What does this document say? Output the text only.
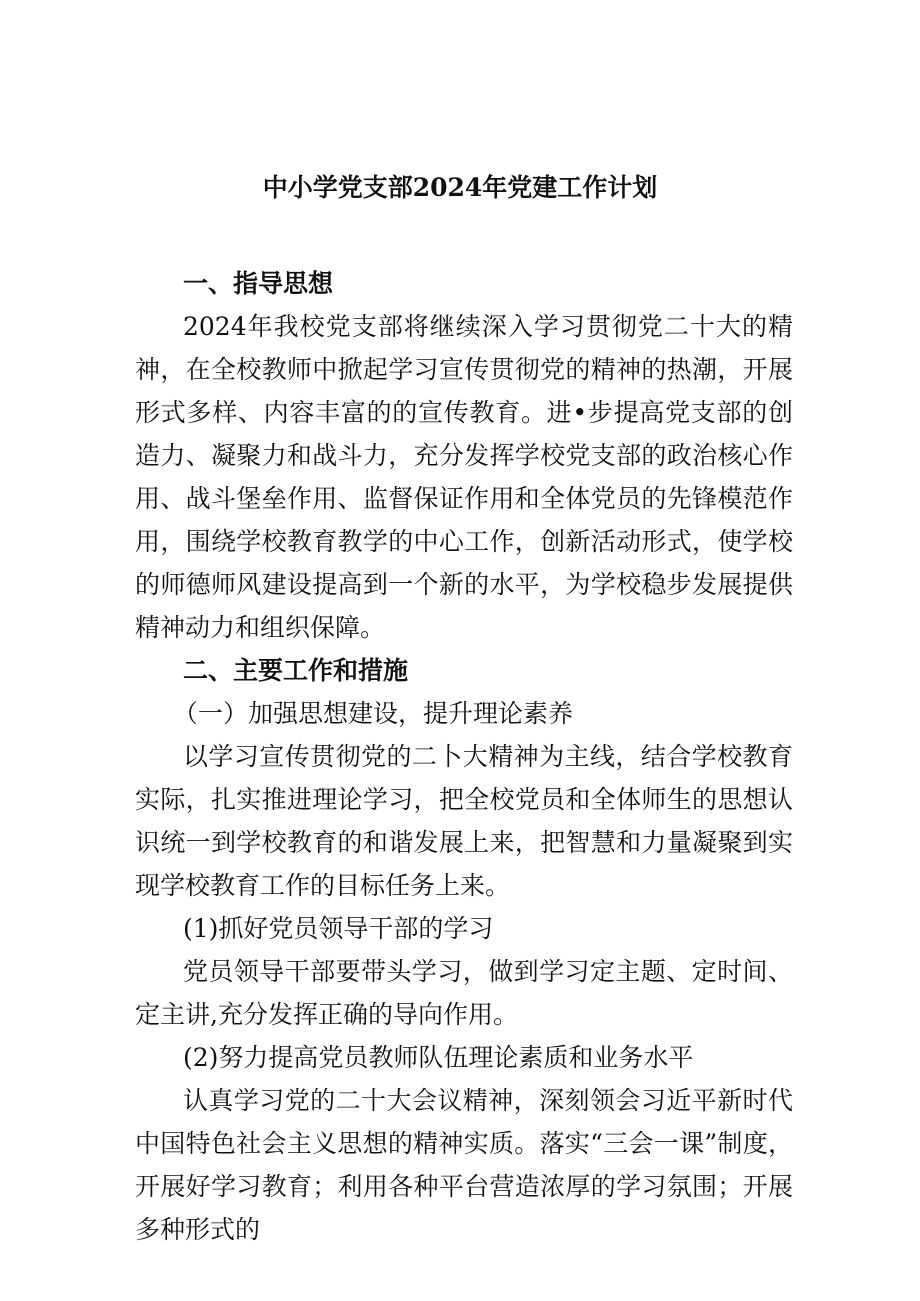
中小学党支部2024年党建工作计划

一、指导思想

2024年我校党支部将继续深入学习贯彻党二十大的精神，在全校教师中掀起学习宣传贯彻党的精神的热潮，开展形式多样、内容丰富的的宣传教育。进•步提高党支部的创造力、凝聚力和战斗力，充分发挥学校党支部的政治核心作用、战斗堡垒作用、监督保证作用和全体党员的先锋模范作用，围绕学校教育教学的中心工作，创新活动形式，使学校的师德师风建设提高到一个新的水平，为学校稳步发展提供精神动力和组织保障。

二、主要工作和措施

（一）加强思想建设，提升理论素养

以学习宣传贯彻党的二卜大精神为主线，结合学校教育实际，扎实推进理论学习，把全校党员和全体师生的思想认识统一到学校教育的和谐发展上来，把智慧和力量凝聚到实现学校教育工作的目标任务上来。

(1)抓好党员领导干部的学习

党员领导干部要带头学习，做到学习定主题、定时间、定主讲,充分发挥正确的导向作用。

(2)努力提高党员教师队伍理论素质和业务水平

认真学习党的二十大会议精神，深刻领会习近平新时代中国特色社会主义思想的精神实质。落实“三会一课”制度，开展好学习教育；利用各种平台营造浓厚的学习氛围；开展多种形式的
